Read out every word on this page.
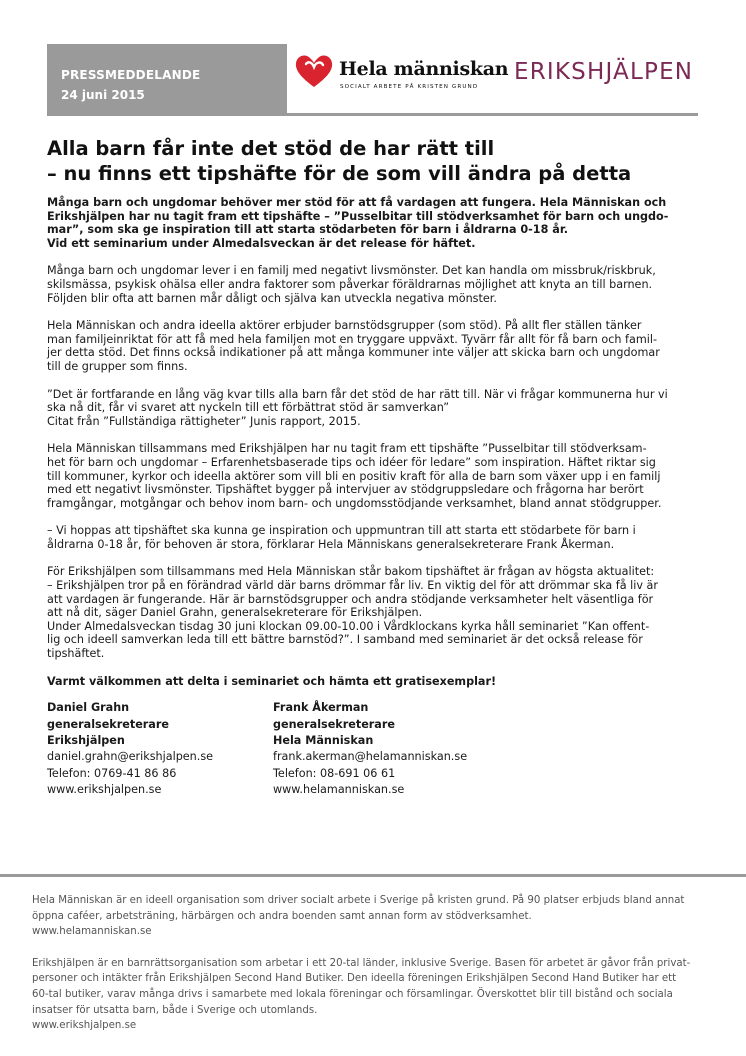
PRESSMEDDELANDE
24 juni 2015
Hela människan
SOCIALT ARBETE PÅ KRISTEN GRUND
ERIKSHJÄLPEN
Alla barn får inte det stöd de har rätt till
– nu finns ett tipshäfte för de som vill ändra på detta
Många barn och ungdomar behöver mer stöd för att få vardagen att fungera. Hela Människan och
Erikshjälpen har nu tagit fram ett tipshäfte – ”Pusselbitar till stödverksamhet för barn och ungdo-
mar”, som ska ge inspiration till att starta stödarbeten för barn i åldrarna 0-18 år.
Vid ett seminarium under Almedalsveckan är det release för häftet.

Många barn och ungdomar lever i en familj med negativt livsmönster. Det kan handla om missbruk/riskbruk,
skilsmässa, psykisk ohälsa eller andra faktorer som påverkar föräldrarnas möjlighet att knyta an till barnen.
Följden blir ofta att barnen mår dåligt och själva kan utveckla negativa mönster.

Hela Människan och andra ideella aktörer erbjuder barnstödsgrupper (som stöd). På allt fler ställen tänker
man familjeinriktat för att få med hela familjen mot en tryggare uppväxt. Tyvärr får allt för få barn och famil-
jer detta stöd. Det finns också indikationer på att många kommuner inte väljer att skicka barn och ungdomar
till de grupper som finns.

”Det är fortfarande en lång väg kvar tills alla barn får det stöd de har rätt till. När vi frågar kommunerna hur vi
ska nå dit, får vi svaret att nyckeln till ett förbättrat stöd är samverkan”
Citat från ”Fullständiga rättigheter” Junis rapport, 2015.

Hela Människan tillsammans med Erikshjälpen har nu tagit fram ett tipshäfte ”Pusselbitar till stödverksam-
het för barn och ungdomar – Erfarenhetsbaserade tips och idéer för ledare” som inspiration. Häftet riktar sig
till kommuner, kyrkor och ideella aktörer som vill bli en positiv kraft för alla de barn som växer upp i en familj
med ett negativt livsmönster. Tipshäftet bygger på intervjuer av stödgruppsledare och frågorna har berört
framgångar, motgångar och behov inom barn- och ungdomsstödjande verksamhet, bland annat stödgrupper.

– Vi hoppas att tipshäftet ska kunna ge inspiration och uppmuntran till att starta ett stödarbete för barn i
åldrarna 0-18 år, för behoven är stora, förklarar Hela Människans generalsekreterare Frank Åkerman.

För Erikshjälpen som tillsammans med Hela Människan står bakom tipshäftet är frågan av högsta aktualitet:
– Erikshjälpen tror på en förändrad värld där barns drömmar får liv. En viktig del för att drömmar ska få liv är
att vardagen är fungerande. Här är barnstödsgrupper och andra stödjande verksamheter helt väsentliga för
att nå dit, säger Daniel Grahn, generalsekreterare för Erikshjälpen.
Under Almedalsveckan tisdag 30 juni klockan 09.00-10.00 i Vårdklockans kyrka håll seminariet ”Kan offent-
lig och ideell samverkan leda till ett bättre barnstöd?”. I samband med seminariet är det också release för
tipshäftet.

Varmt välkommen att delta i seminariet och hämta ett gratisexemplar!
Daniel Grahn
generalsekreterare
Erikshjälpen
daniel.grahn@erikshjalpen.se
Telefon: 0769-41 86 86
www.erikshjalpen.se
Frank Åkerman
generalsekreterare
Hela Människan
frank.akerman@helamanniskan.se
Telefon: 08-691 06 61
www.helamanniskan.se

Hela Människan är en ideell organisation som driver socialt arbete i Sverige på kristen grund. På 90 platser erbjuds bland annat
öppna caféer, arbetsträning, härbärgen och andra boenden samt annan form av stödverksamhet.
www.helamanniskan.se

Erikshjälpen är en barnrättsorganisation som arbetar i ett 20-tal länder, inklusive Sverige. Basen för arbetet är gåvor från privat-
personer och intäkter från Erikshjälpen Second Hand Butiker. Den ideella föreningen Erikshjälpen Second Hand Butiker har ett
60-tal butiker, varav många drivs i samarbete med lokala föreningar och församlingar. Överskottet blir till bistånd och sociala
insatser för utsatta barn, både i Sverige och utomlands.
www.erikshjalpen.se
